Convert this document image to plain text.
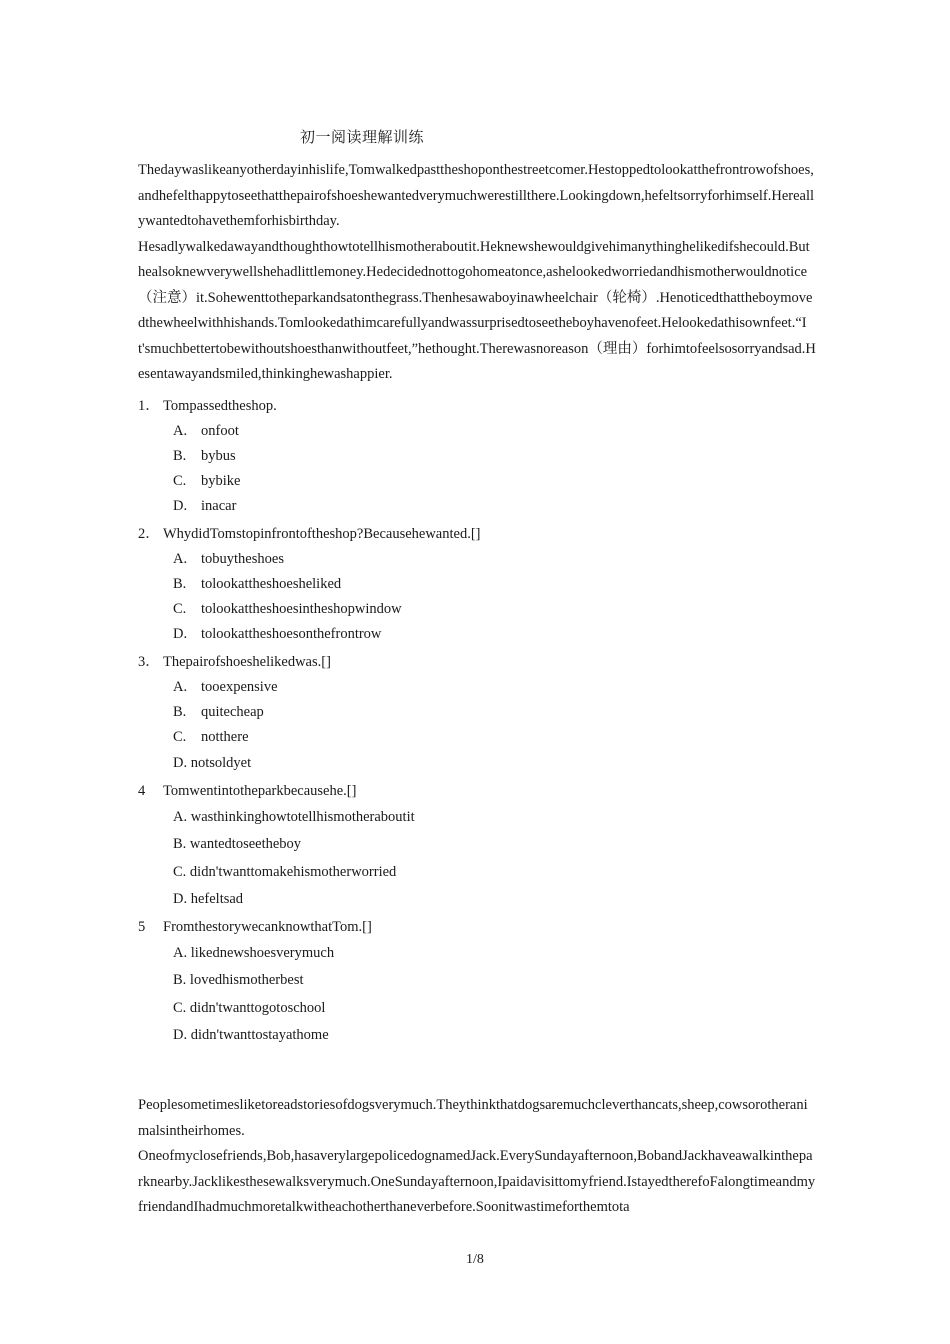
初一阅读理解训练

Thedaywaslikeanyotherdayinhislife,Tomwalkedpasttheshoponthestreetcomer.Hestoppedtolookatthefrontrowofshoes,andhefelthappytoseethatthepairofshoeshewantedverymuchwerestillthere.Lookingdown,hefeltsorryforhimself.Hereallywantedtohavethemforhisbirthday.

Hesadlywalkedawayandthoughthowtotellhismotheraboutit.Heknewshewouldgivehimanythinghelikedifshecould.Buthealsoknewverywellshehadlittlemoney.Hedecidednottogohomeatonce,ashelookedworriedandhismotherwouldnotice（注意）it.Sohewenttotheparkandsatonthegrass.Thenhesawaboyinawheelchair（轮椅）.Henoticedthattheboymovedthewheelwithhishands.Tomlookedathimcarefullyandwassurprisedtoseetheboyhavenofeet.Helookedathisownfeet.“It'smuchbettertobewithoutshoesthanwithoutfeet,”hethought.Therewasnoreason（理由）forhimtofeelsosorryandsad.Hesentawayandsmiled,thinkinghewashappier.

1． Tompassedtheshop.
A. onfoot
B. bybus
C. bybike
D. inacar
2． WhydidTomstopinfrontoftheshop?Becausehewanted.[]
A. tobuytheshoes
B. tolookattheshoesheliked
C. tolookattheshoesintheshopwindow
D. tolookattheshoesonthefrontrow
3． Thepairofshoeshelikedwas.[]
A. tooexpensive
B. quitecheap
C. notthere
D. notsoldyet
4 Tomwentintotheparkbecausehe.[]
A. wasthinkinghowtotellhismotheraboutit
B. wantedtoseetheboy
C. didn'twanttomakehismotherworried
D. hefeltsad
5 FromthestorywecanknowthatTom.[]
A. likednewshoesverymuch
B. lovedhismotherbest
C. didn'twanttogotoschool
D. didn'twanttostayathome

Peoplesometimesliketoreadstoriesofdogsverymuch.Theythinkthatdogsaremuchcleverthancats,sheep,cowsorotheranimalsintheirhomes.

Oneofmyclosefriends,Bob,hasaverylargepolicedognamedJack.EverySundayafternoon,BobandJackhaveawalkintheparknearby.Jacklikesthesewalksverymuch.OneSundayafternoon,Ipaidavisittomyfriend.IstayedtherefoFalongtimeandmyfriendandIhadmuchmoretalkwitheachotherthaneverbefore.Soonitwastimeforthemtota

1/8
